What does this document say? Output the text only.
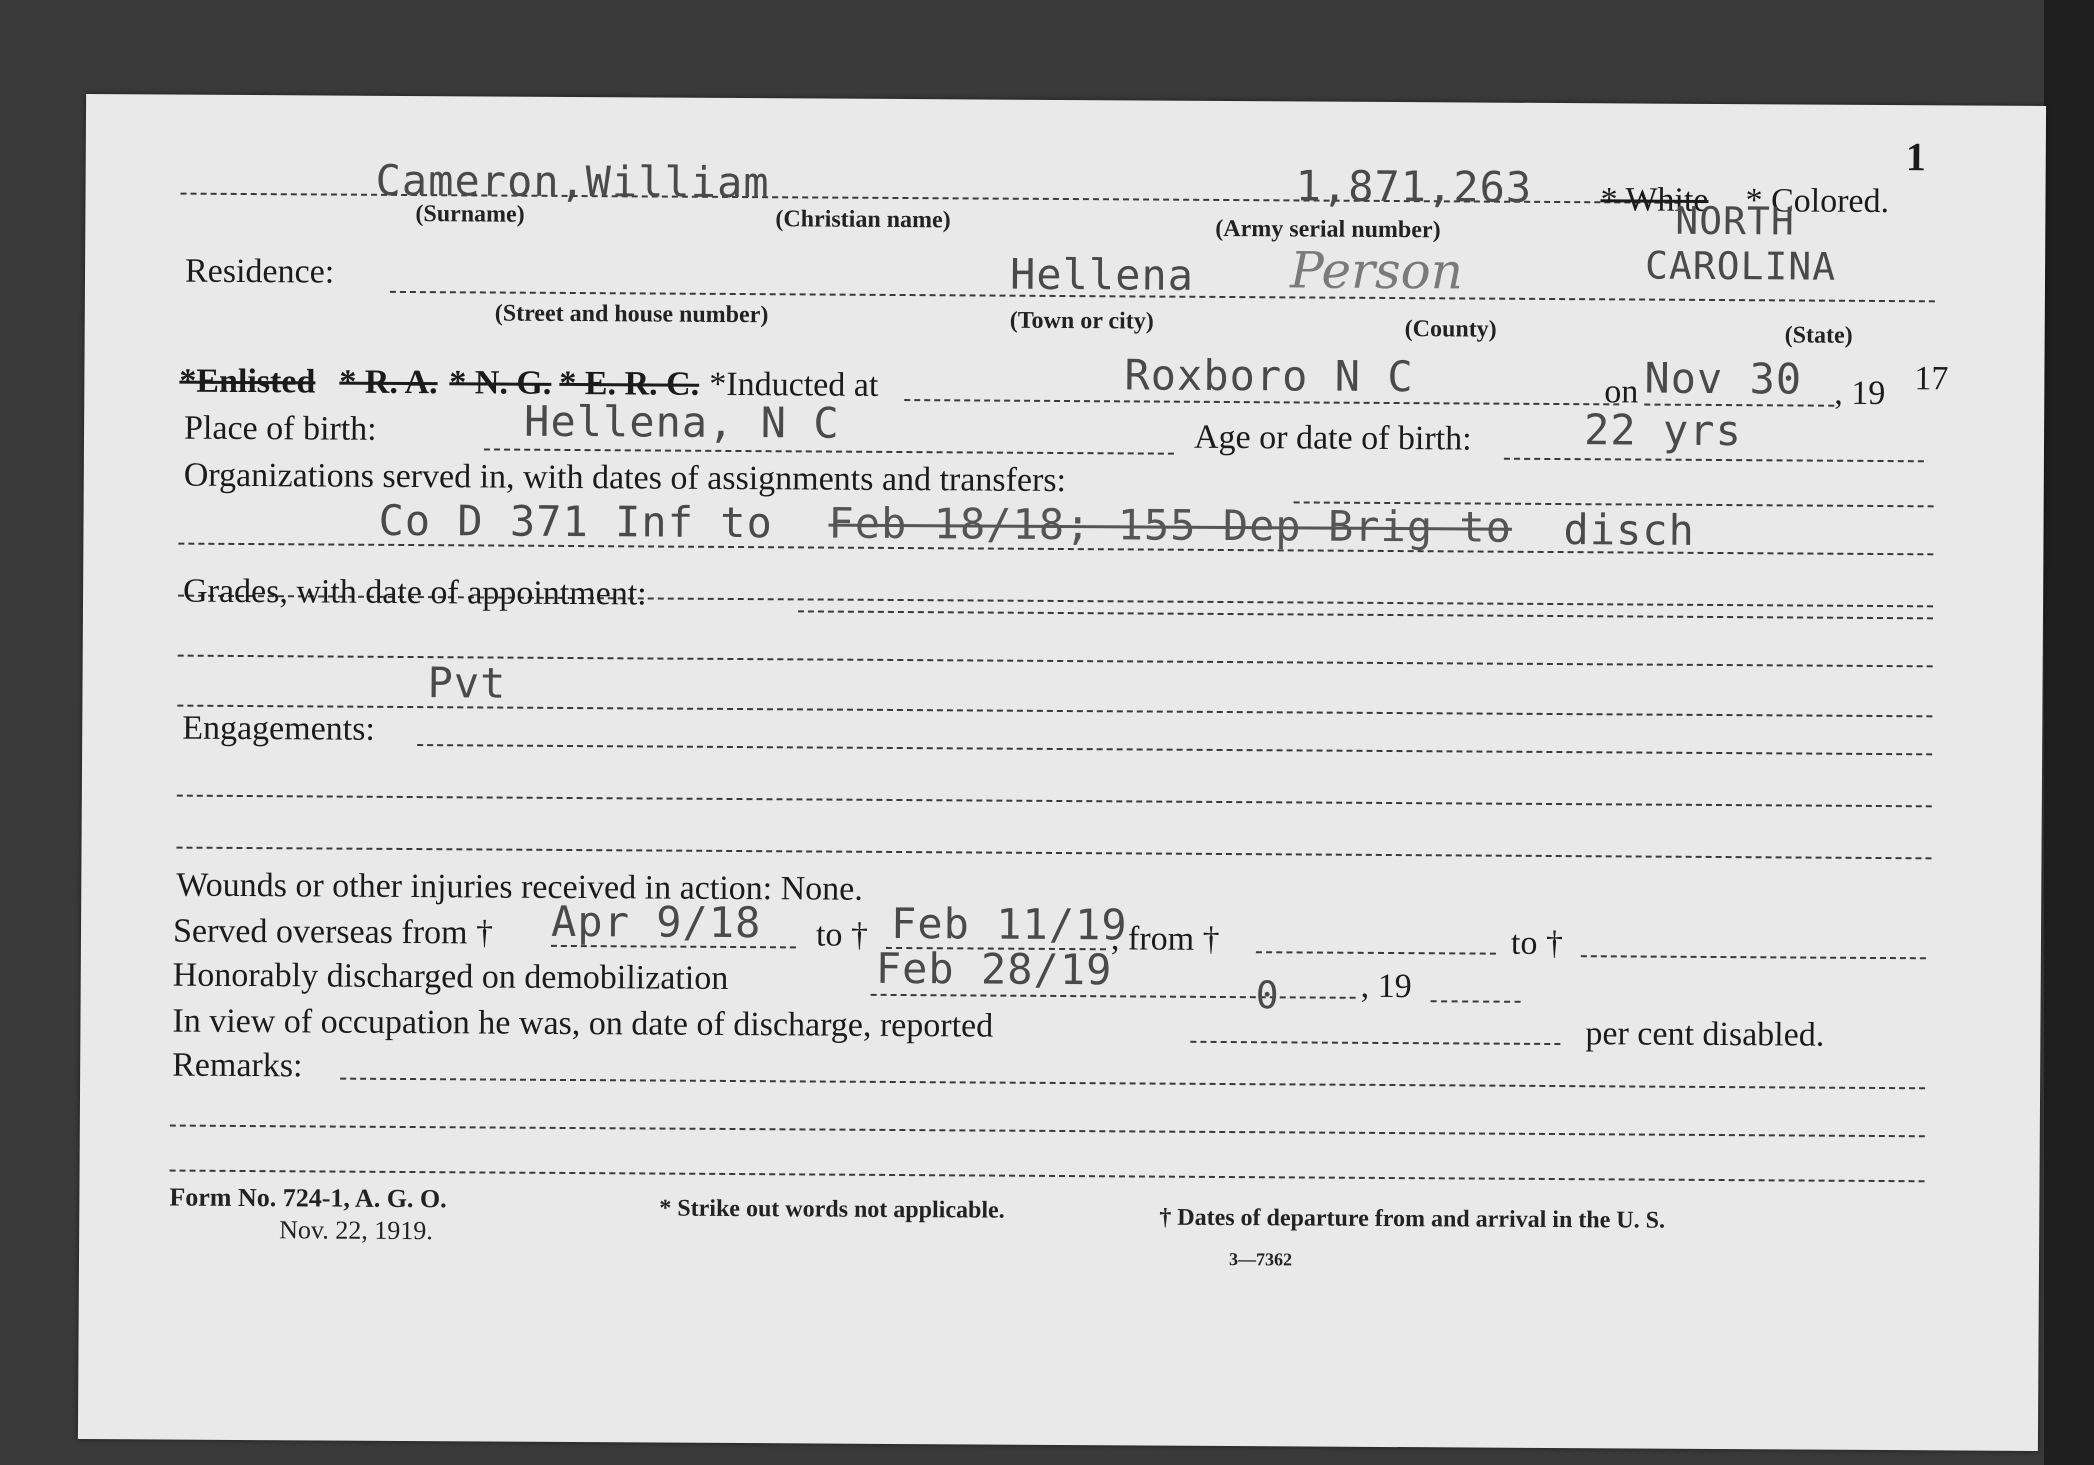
1
Cameron, William
(Surname)	(Christian name)
1,871,263
(Army serial number)
* White * Colored.
Residence:
(Street and house number)
Hellena
(Town or city)
Person
(County)
NORTH
CAROLINA
(State)
*Enlisted * R. A. * N. G. * E. R. C. *Inducted at	Roxboro N C	on Nov 30 , 19 17
Place of birth:	Hellena, N C	Age or date of birth:	22 yrs
Organizations served in, with dates of assignments and transfers:
Co D 371 Inf to Feb 18/18; 155 Dep Brig to disch
Grades, with date of appointment:
Pvt
Engagements:
Wounds or other injuries received in action: None.
Served overseas from † Apr 9/18 to † Feb 11/19
, from †	to †
Honorably discharged on demobilization	Feb 28/19	, 19
In view of occupation he was, on date of discharge, reported
0
per cent disabled.
Remarks:
Form No. 724-1, A. G. O.
Nov. 22, 1919.
* Strike out words not applicable.	† Dates of departure from and arrival in the U. S.
3—7362
